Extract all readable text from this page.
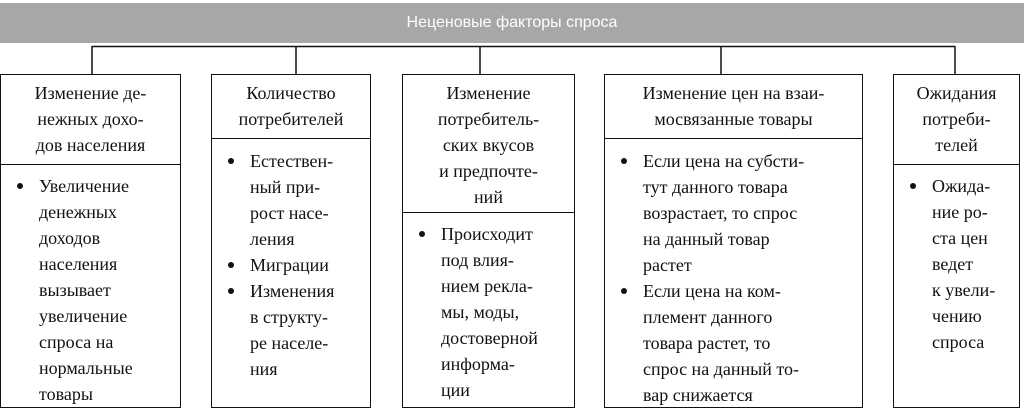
Неценовые факторы спроса
Изменение де-
нежных дохо-
дов населения
Увеличение
денежных
доходов
населения
вызывает
увеличение
спроса на
нормальные
товары
Количество
потребителей
Естествен-
ный при-
рост насе-
ления
Миграции
Изменения
в структу-
ре населе-
ния
Изменение
потребитель-
ских вкусов
и предпочте-
ний
Происходит
под влия-
нием рекла-
мы, моды,
достоверной
информа-
ции
Изменение цен на взаи-
мосвязанные товары
Если цена на субсти-
тут данного товара
возрастает, то спрос
на данный товар
растет
Если цена на ком-
племент данного
товара растет, то
спрос на данный то-
вар снижается
Ожидания
потреби-
телей
Ожида-
ние ро-
ста цен
ведет
к увели-
чению
спроса
